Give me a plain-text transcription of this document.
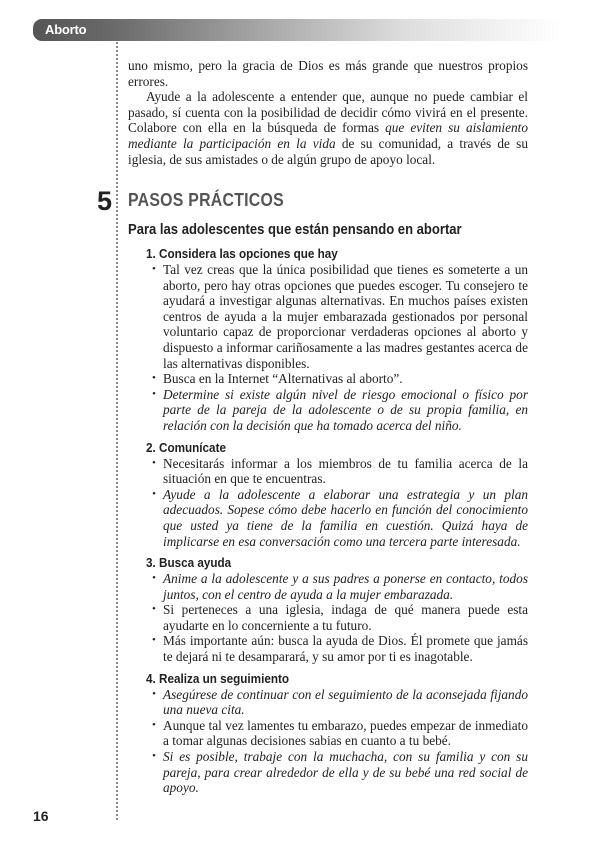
Aborto

uno mismo, pero la gracia de Dios es más grande que nuestros propios errores.

Ayude a la adolescente a entender que, aunque no puede cambiar el pasado, sí cuenta con la posibilidad de decidir cómo vivirá en el presente. Colabore con ella en la búsqueda de formas que eviten su aislamiento mediante la participación en la vida de su comunidad, a través de su iglesia, de sus amistades o de algún grupo de apoyo local.

5 PASOS PRÁCTICOS
Para las adolescentes que están pensando en abortar
1. Considera las opciones que hay
• Tal vez creas que la única posibilidad que tienes es someterte a un aborto, pero hay otras opciones que puedes escoger. Tu consejero te ayudará a investigar algunas alternativas. En muchos países existen centros de ayuda a la mujer embarazada gestionados por personal voluntario capaz de proporcionar verdaderas opciones al aborto y dispuesto a informar cariñosamente a las madres gestantes acerca de las alternativas disponibles.
• Busca en la Internet “Alternativas al aborto”.
• Determine si existe algún nivel de riesgo emocional o físico por parte de la pareja de la adolescente o de su propia familia, en relación con la decisión que ha tomado acerca del niño.
2. Comunícate
• Necesitarás informar a los miembros de tu familia acerca de la situación en que te encuentras.
• Ayude a la adolescente a elaborar una estrategia y un plan adecuados. Sopese cómo debe hacerlo en función del conocimiento que usted ya tiene de la familia en cuestión. Quizá haya de implicarse en esa conversación como una tercera parte interesada.
3. Busca ayuda
• Anime a la adolescente y a sus padres a ponerse en contacto, todos juntos, con el centro de ayuda a la mujer embarazada.
• Si perteneces a una iglesia, indaga de qué manera puede esta ayudarte en lo concerniente a tu futuro.
• Más importante aún: busca la ayuda de Dios. Él promete que jamás te dejará ni te desamparará, y su amor por ti es inagotable.
4. Realiza un seguimiento
• Asegúrese de continuar con el seguimiento de la aconsejada fijando una nueva cita.
• Aunque tal vez lamentes tu embarazo, puedes empezar de inmediato a tomar algunas decisiones sabias en cuanto a tu bebé.
• Si es posible, trabaje con la muchacha, con su familia y con su pareja, para crear alrededor de ella y de su bebé una red social de apoyo.
16
